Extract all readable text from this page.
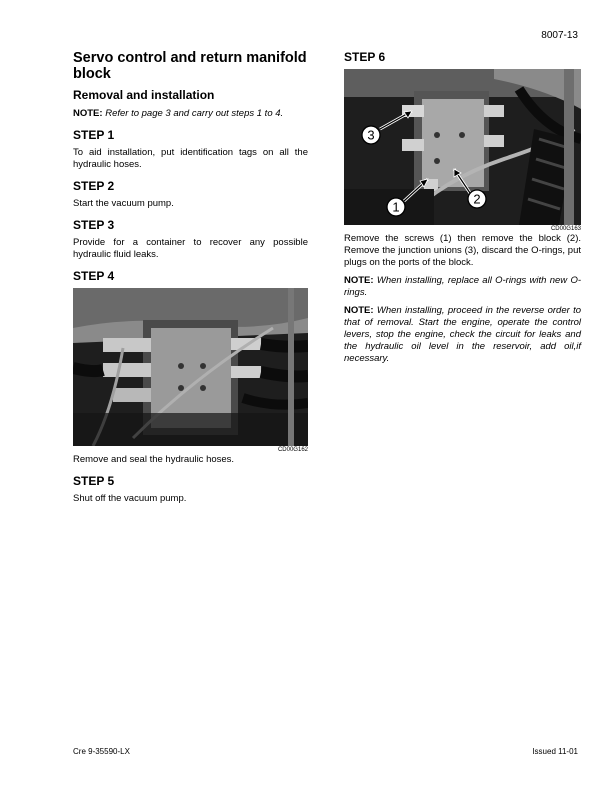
8007-13
Servo control and return manifold block
Removal and installation

NOTE: Refer to page 3 and carry out steps 1 to 4.

STEP 1

To aid installation, put identification tags on all the hydraulic hoses.

STEP 2

Start the vacuum pump.

STEP 3

Provide for a container to recover any possible hydraulic fluid leaks.

STEP 4
CD00G162

Remove and seal the hydraulic hoses.

STEP 5

Shut off the vacuum pump.

STEP 6
3
1
2
CD00G163

Remove the screws (1) then remove the block (2). Remove the junction unions (3), discard the O-rings, put plugs on the ports of the block.

NOTE: When installing, replace all O-rings with new O-rings.

NOTE: When installing, proceed in the reverse order to that of removal. Start the engine, operate the control levers, stop the engine, check the circuit for leaks and the hydraulic oil level in the reservoir, add oil,if necessary.

Cre 9-35590-LX	Issued 11-01
